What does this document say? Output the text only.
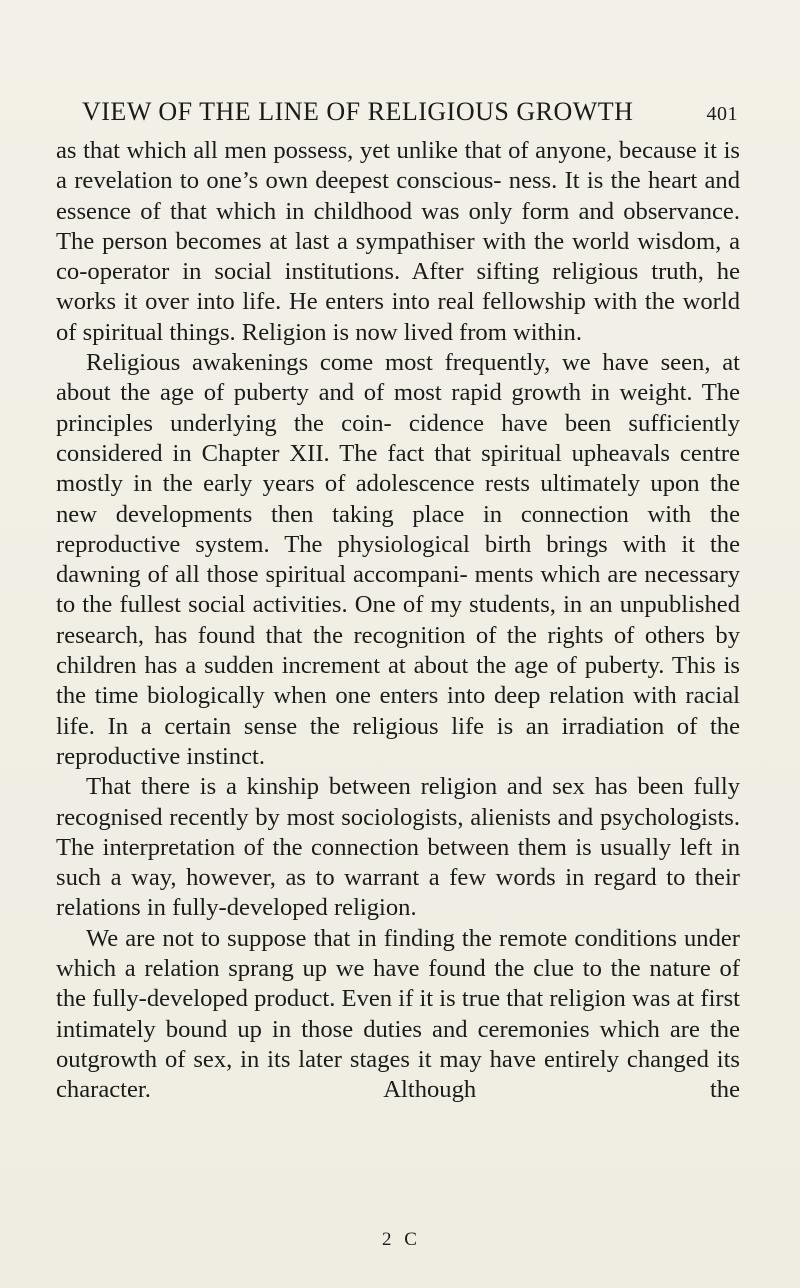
VIEW OF THE LINE OF RELIGIOUS GROWTH	401

as that which all men possess, yet unlike that of anyone, because it is a revelation to one’s own deepest conscious- ness. It is the heart and essence of that which in childhood was only form and observance. The person becomes at last a sympathiser with the world wisdom, a co-operator in social institutions. After sifting religious truth, he works it over into life. He enters into real fellowship with the world of spiritual things. Religion is now lived from within.

Religious awakenings come most frequently, we have seen, at about the age of puberty and of most rapid growth in weight. The principles underlying the coin- cidence have been sufficiently considered in Chapter XII. The fact that spiritual upheavals centre mostly in the early years of adolescence rests ultimately upon the new developments then taking place in connection with the reproductive system. The physiological birth brings with it the dawning of all those spiritual accompani- ments which are necessary to the fullest social activities. One of my students, in an unpublished research, has found that the recognition of the rights of others by children has a sudden increment at about the age of puberty. This is the time biologically when one enters into deep relation with racial life. In a certain sense the religious life is an irradiation of the reproductive instinct.

That there is a kinship between religion and sex has been fully recognised recently by most sociologists, alienists and psychologists. The interpretation of the connection between them is usually left in such a way, however, as to warrant a few words in regard to their relations in fully-developed religion.

We are not to suppose that in finding the remote conditions under which a relation sprang up we have found the clue to the nature of the fully-developed product. Even if it is true that religion was at first intimately bound up in those duties and ceremonies which are the outgrowth of sex, in its later stages it may have entirely changed its character. Although the

2 C
